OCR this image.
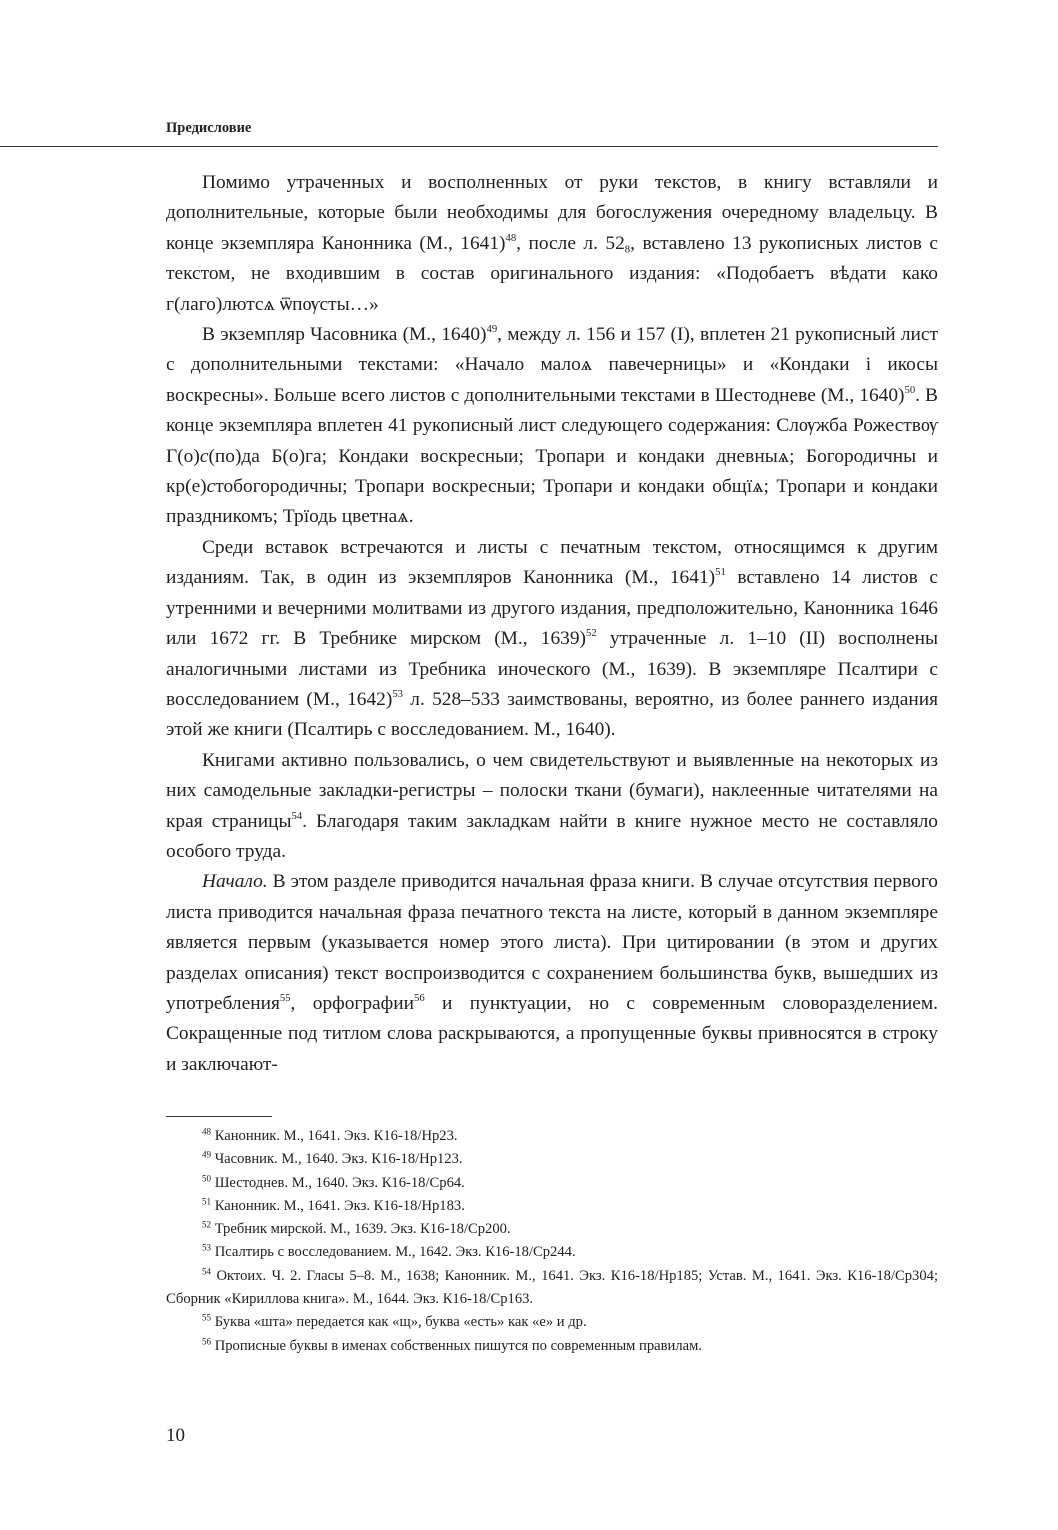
Предисловие

Помимо утраченных и восполненных от руки текстов, в книгу вставляли и дополнительные, которые были необходимы для богослужения очередному владельцу. В конце экземпляра Канонника (М., 1641)$^{48}$, после л. $52_8$, вставлено 13 рукописных листов с текстом, не входившим в состав оригинального издания: «Подобаетъ вѣдати како г(лаго)лютсѧ ѿпѹсты…»

В экземпляр Часовника (М., 1640)$^{49}$, между л. 156 и 157 (I), вплетен 21 рукописный лист с дополнительными текстами: «Начало малоѧ павечерницы» и «Кондаки і икосы воскресны». Больше всего листов с дополнительными текстами в Шестодневе (М., 1640)$^{50}$. В конце экземпляра вплетен 41 рукописный лист следующего содержания: Слѹжба Рожествѹ Г(о)с(по)да Б(о)га; Кондаки воскресныи; Тропари и кондаки дневныѧ; Богородичны и кр(е)стобогородичны; Тропари воскресныи; Тропари и кондаки общїѧ; Тропари и кондаки праздникомъ; Трїодь цветнаѧ.

Среди вставок встречаются и листы с печатным текстом, относящимся к другим изданиям. Так, в один из экземпляров Канонника (М., 1641)$^{51}$ вставлено 14 листов с утренними и вечерними молитвами из другого издания, предположительно, Канонника 1646 или 1672 гг. В Требнике мирском (М., 1639)$^{52}$ утраченные л. 1–10 (II) восполнены аналогичными листами из Требника иноческого (М., 1639). В экземпляре Псалтири с восследованием (М., 1642)$^{53}$ л. 528–533 заимствованы, вероятно, из более раннего издания этой же книги (Псалтирь с восследованием. М., 1640).

Книгами активно пользовались, о чем свидетельствуют и выявленные на некоторых из них самодельные закладки-регистры – полоски ткани (бумаги), наклеенные читателями на края страницы$^{54}$. Благодаря таким закладкам найти в книге нужное место не составляло особого труда.

Начало. В этом разделе приводится начальная фраза книги. В случае отсутствия первого листа приводится начальная фраза печатного текста на листе, который в данном экземпляре является первым (указывается номер этого листа). При цитировании (в этом и других разделах описания) текст воспроизводится с сохранением большинства букв, вышедших из употребления$^{55}$, орфографии$^{56}$ и пунктуации, но с современным словоразделением. Сокращенные под титлом слова раскрываются, а пропущенные буквы привносятся в строку и заключают-

$^{48}$ Канонник. М., 1641. Экз. К16-18/Нр23.

$^{49}$ Часовник. М., 1640. Экз. К16-18/Нр123.

$^{50}$ Шестоднев. М., 1640. Экз. К16-18/Ср64.

$^{51}$ Канонник. М., 1641. Экз. К16-18/Нр183.

$^{52}$ Требник мирской. М., 1639. Экз. К16-18/Ср200.

$^{53}$ Псалтирь с восследованием. М., 1642. Экз. К16-18/Ср244.

$^{54}$ Октоих. Ч. 2. Гласы 5–8. М., 1638; Канонник. М., 1641. Экз. К16-18/Нр185; Устав. М., 1641. Экз. К16-18/Ср304; Сборник «Кириллова книга». М., 1644. Экз. К16-18/Ср163.

$^{55}$ Буква «шта» передается как «щ», буква «есть» как «е» и др.

$^{56}$ Прописные буквы в именах собственных пишутся по современным правилам.

10
